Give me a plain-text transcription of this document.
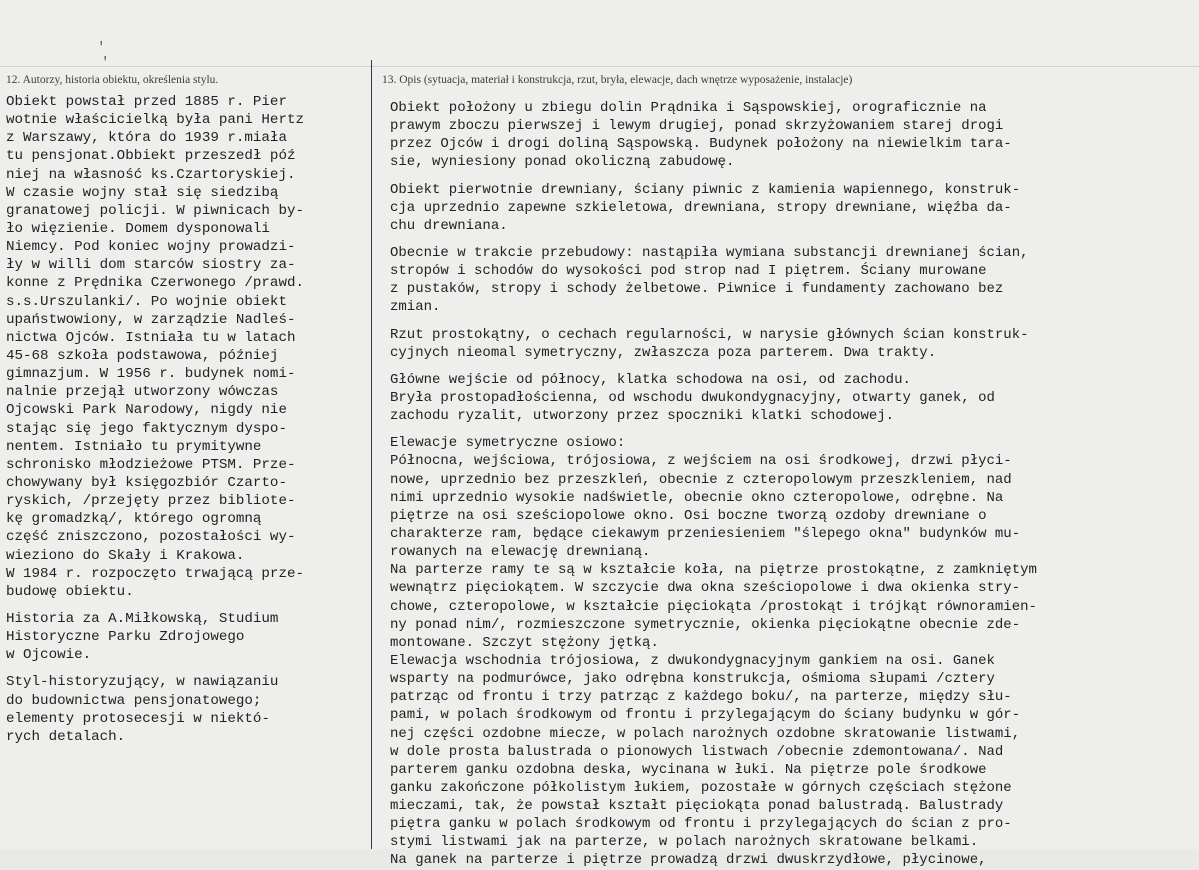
'
'
12. Autorzy, historia obiektu, określenia stylu.	13. Opis (sytuacja, materiał i konstrukcja, rzut, bryła, elewacje, dach wnętrze wyposażenie, instalacje)
Obiekt powstał przed 1885 r. Pier
wotnie właścicielką była pani Hertz
z Warszawy, która do 1939 r.miała
tu pensjonat.Obbiekt przeszedł póź
niej na własność ks.Czartoryskiej.
W czasie wojny stał się siedzibą
granatowej policji. W piwnicach by-
ło więzienie. Domem dysponowali
Niemcy. Pod koniec wojny prowadzi-
ły w willi dom starców siostry za-
konne z Prędnika Czerwonego /prawd.
s.s.Urszulanki/. Po wojnie obiekt
upaństwowiony, w zarządzie Nadleś-
nictwa Ojców. Istniała tu w latach
45-68 szkoła podstawowa, później
gimnazjum. W 1956 r. budynek nomi-
nalnie przejął utworzony wówczas
Ojcowski Park Narodowy, nigdy nie
stając się jego faktycznym dyspo-
nentem. Istniało tu prymitywne
schronisko młodzieżowe PTSM. Prze-
chowywany był księgozbiór Czarto-
ryskich, /przejęty przez bibliote-
kę gromadzką/, którego ogromną
część zniszczono, pozostałości wy-
wieziono do Skały i Krakowa.
W 1984 r. rozpoczęto trwającą prze-
budowę obiektu.
Historia za A.Miłkowską, Studium
Historyczne Parku Zdrojowego
w Ojcowie.
Styl-historyzujący, w nawiązaniu
do budownictwa pensjonatowego;
elementy protosecesji w niektó-
rych detalach.
Obiekt położony u zbiegu dolin Prądnika i Sąspowskiej, orograficznie na
prawym zboczu pierwszej i lewym drugiej, ponad skrzyżowaniem starej drogi
przez Ojców i drogi doliną Sąspowską. Budynek położony na niewielkim tara-
sie, wyniesiony ponad okoliczną zabudowę.
Obiekt pierwotnie drewniany, ściany piwnic z kamienia wapiennego, konstruk-
cja uprzednio zapewne szkieletowa, drewniana, stropy drewniane, więźba da-
chu drewniana.
Obecnie w trakcie przebudowy: nastąpiła wymiana substancji drewnianej ścian,
stropów i schodów do wysokości pod strop nad I piętrem. Ściany murowane
z pustaków, stropy i schody żelbetowe. Piwnice i fundamenty zachowano bez
zmian.
Rzut prostokątny, o cechach regularności, w narysie głównych ścian konstruk-
cyjnych nieomal symetryczny, zwłaszcza poza parterem. Dwa trakty.
Główne wejście od północy, klatka schodowa na osi, od zachodu.
Bryła prostopadłościenna, od wschodu dwukondygnacyjny, otwarty ganek, od
zachodu ryzalit, utworzony przez spoczniki klatki schodowej.
Elewacje symetryczne osiowo:
Północna, wejściowa, trójosiowa, z wejściem na osi środkowej, drzwi płyci-
nowe, uprzednio bez przeszkleń, obecnie z czteropolowym przeszkleniem, nad
nimi uprzednio wysokie nadświetle, obecnie okno czteropolowe, odrębne. Na
piętrze na osi sześciopolowe okno. Osi boczne tworzą ozdoby drewniane o
charakterze ram, będące ciekawym przeniesieniem "ślepego okna" budynków mu-
rowanych na elewację drewnianą.
Na parterze ramy te są w kształcie koła, na piętrze prostokątne, z zamkniętym
wewnątrz pięciokątem. W szczycie dwa okna sześciopolowe i dwa okienka stry-
chowe, czteropolowe, w kształcie pięciokąta /prostokąt i trójkąt równoramien-
ny ponad nim/, rozmieszczone symetrycznie, okienka pięciokątne obecnie zde-
montowane. Szczyt stężony jętką.
Elewacja wschodnia trójosiowa, z dwukondygnacyjnym gankiem na osi. Ganek
wsparty na podmurówce, jako odrębna konstrukcja, ośmioma słupami /cztery
patrząc od frontu i trzy patrząc z każdego boku/, na parterze, między słu-
pami, w polach środkowym od frontu i przylegającym do ściany budynku w gór-
nej części ozdobne miecze, w polach narożnych ozdobne skratowanie listwami,
w dole prosta balustrada o pionowych listwach /obecnie zdemontowana/. Nad
parterem ganku ozdobna deska, wycinana w łuki. Na piętrze pole środkowe
ganku zakończone półkolistym łukiem, pozostałe w górnych częściach stężone
mieczami, tak, że powstał kształt pięciokąta ponad balustradą. Balustrady
piętra ganku w polach środkowym od frontu i przylegających do ścian z pro-
stymi listwami jak na parterze, w polach narożnych skratowane belkami.
Na ganek na parterze i piętrze prowadzą drzwi dwuskrzydłowe, płycinowe,
